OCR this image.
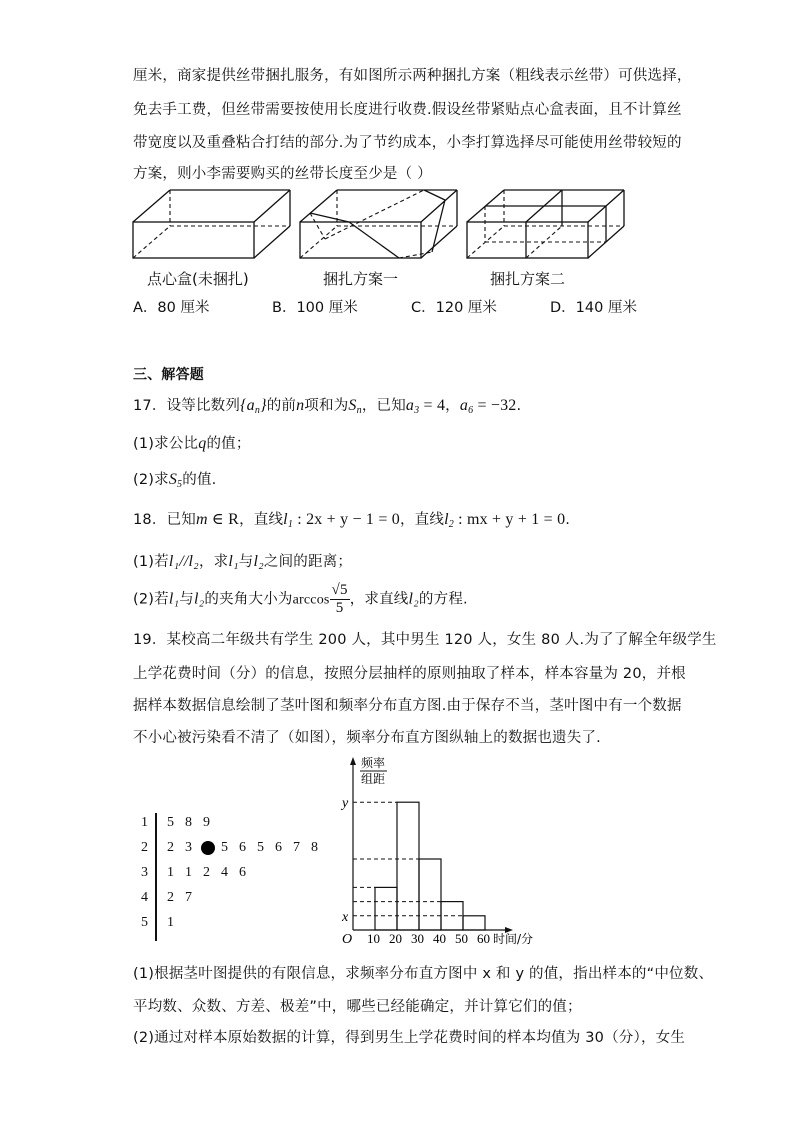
厘米，商家提供丝带捆扎服务，有如图所示两种捆扎方案（粗线表示丝带）可供选择，
免去手工费，但丝带需要按使用长度进行收费.假设丝带紧贴点心盒表面，且不计算丝
带宽度以及重叠粘合打结的部分.为了节约成本，小李打算选择尽可能使用丝带较短的
方案，则小李需要购买的丝带长度至少是（ ）
点心盒(未捆扎)	捆扎方案一	捆扎方案二
A．80 厘米	B．100 厘米	C．120 厘米	D．140 厘米
三、解答题
17．设等比数列$\{a_n\}$的前n项和为$S_n$，已知$a_3 = 4$，$a_6 = -32$.
(1)求公比q的值；
(2)求$S_5$的值.
18．已知m ∈ R，直线$l_1$ : 2x + y − 1 = 0，直线$l_2$ : mx + y + 1 = 0.
(1)若l₁//l₂，求l₁与l₂之间的距离；
(2)若l₁与l₂的夹角大小为$\arccos \frac{√5}{5}$ ，求直线l₂的方程.
19．某校高二年级共有学生 200 人，其中男生 120 人，女生 80 人.为了了解全年级学生
上学花费时间（分）的信息，按照分层抽样的原则抽取了样本，样本容量为 20，并根
据样本数据信息绘制了茎叶图和频率分布直方图.由于保存不当，茎叶图中有一个数据
不小心被污染看不清了（如图），频率分布直方图纵轴上的数据也遗失了.
1 5 8 9
2 2 3 5 6 5 6 7 8
3 1 1 2 4 6
4 2 7
5 1
y
x
频率
组距
O	时间/分
10 20 30 40 50 60
(1)根据茎叶图提供的有限信息，求频率分布直方图中 x 和 y 的值，指出样本的“中位数、
平均数、众数、方差、极差”中，哪些已经能确定，并计算它们的值；
(2)通过对样本原始数据的计算，得到男生上学花费时间的样本均值为 30（分），女生
